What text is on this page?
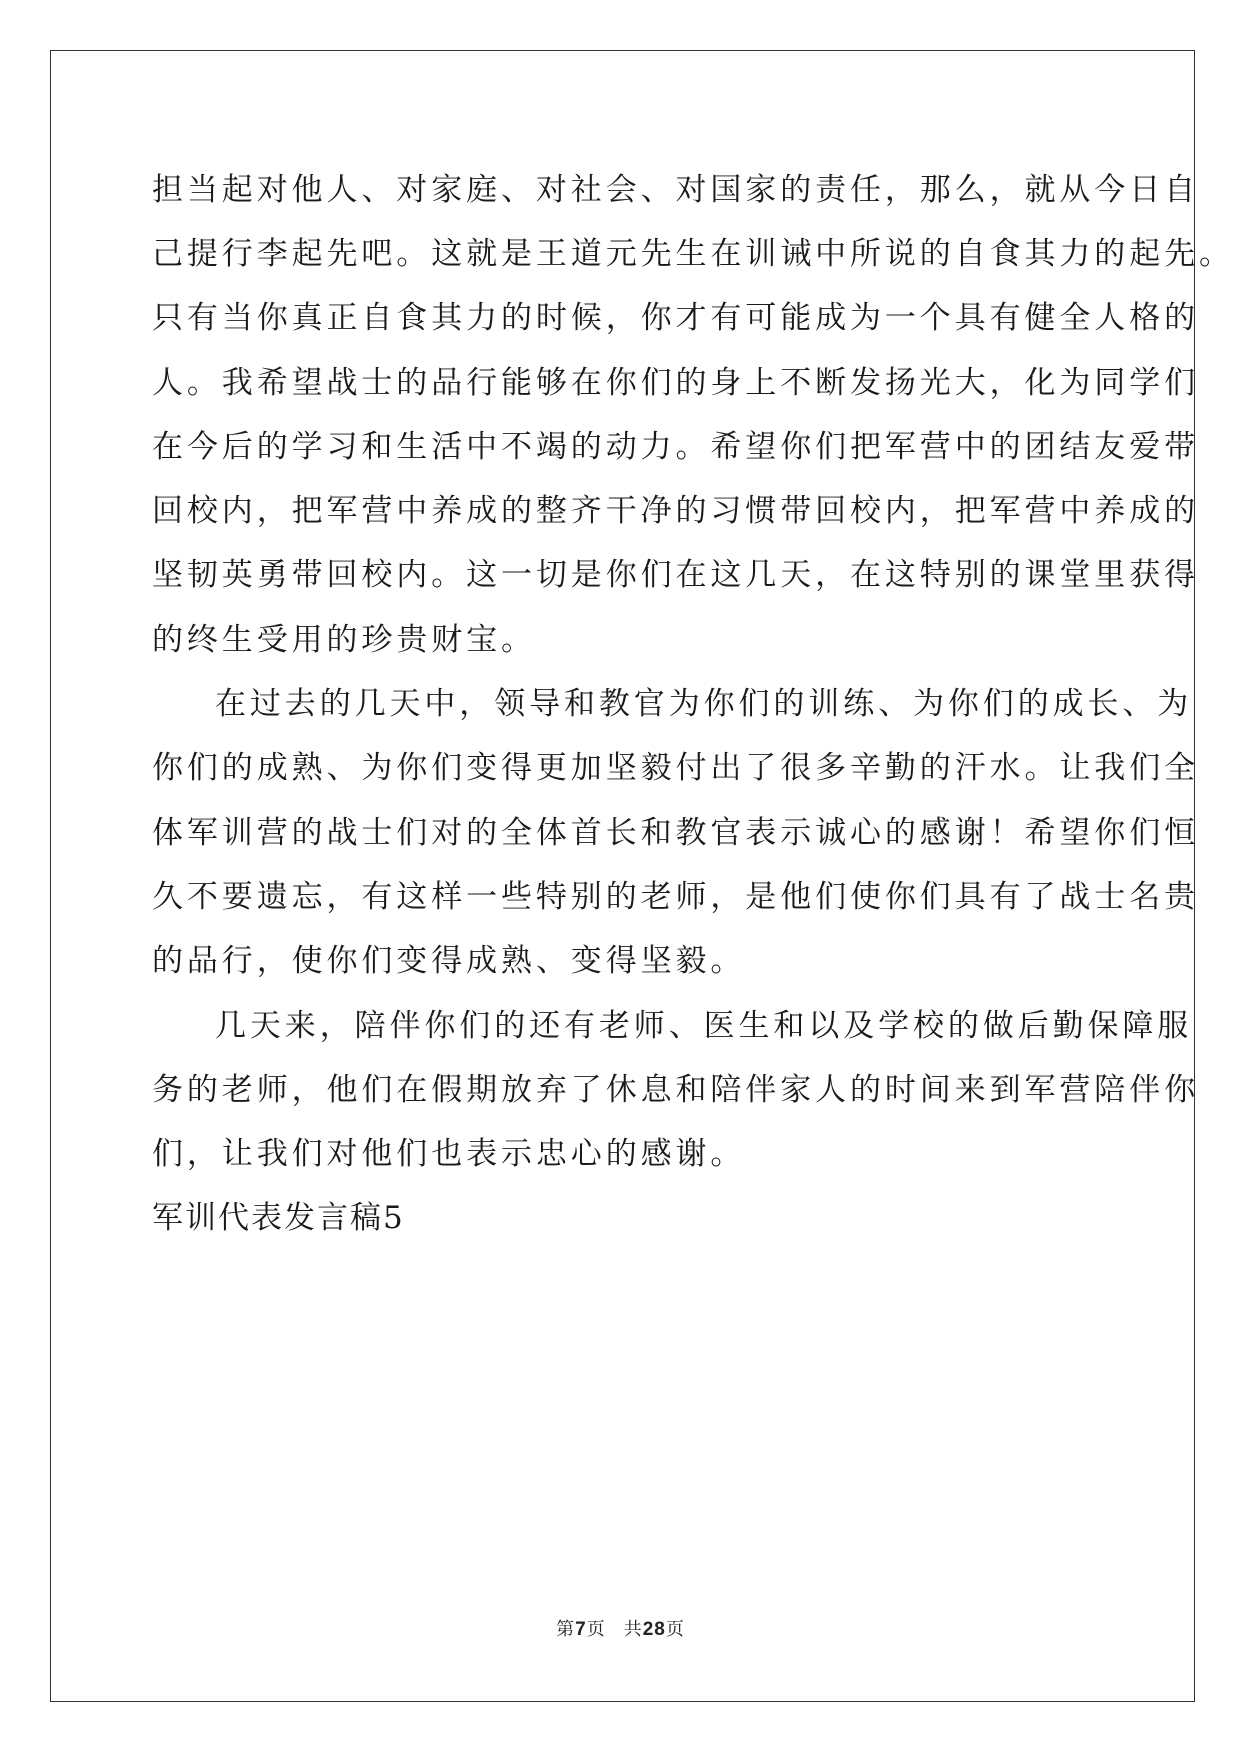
担当起对他人、对家庭、对社会、对国家的责任，那么，就从今日自
己提行李起先吧。这就是王道元先生在训诫中所说的自食其力的起先。
只有当你真正自食其力的时候，你才有可能成为一个具有健全人格的
人。我希望战士的品行能够在你们的身上不断发扬光大，化为同学们
在今后的学习和生活中不竭的动力。希望你们把军营中的团结友爱带
回校内，把军营中养成的整齐干净的习惯带回校内，把军营中养成的
坚韧英勇带回校内。这一切是你们在这几天，在这特别的课堂里获得
的终生受用的珍贵财宝。
在过去的几天中，领导和教官为你们的训练、为你们的成长、为
你们的成熟、为你们变得更加坚毅付出了很多辛勤的汗水。让我们全
体军训营的战士们对的全体首长和教官表示诚心的感谢！希望你们恒
久不要遗忘，有这样一些特别的老师，是他们使你们具有了战士名贵
的品行，使你们变得成熟、变得坚毅。
几天来，陪伴你们的还有老师、医生和以及学校的做后勤保障服
务的老师，他们在假期放弃了休息和陪伴家人的时间来到军营陪伴你
们，让我们对他们也表示忠心的感谢。
军训代表发言稿5
第7页 共28页
